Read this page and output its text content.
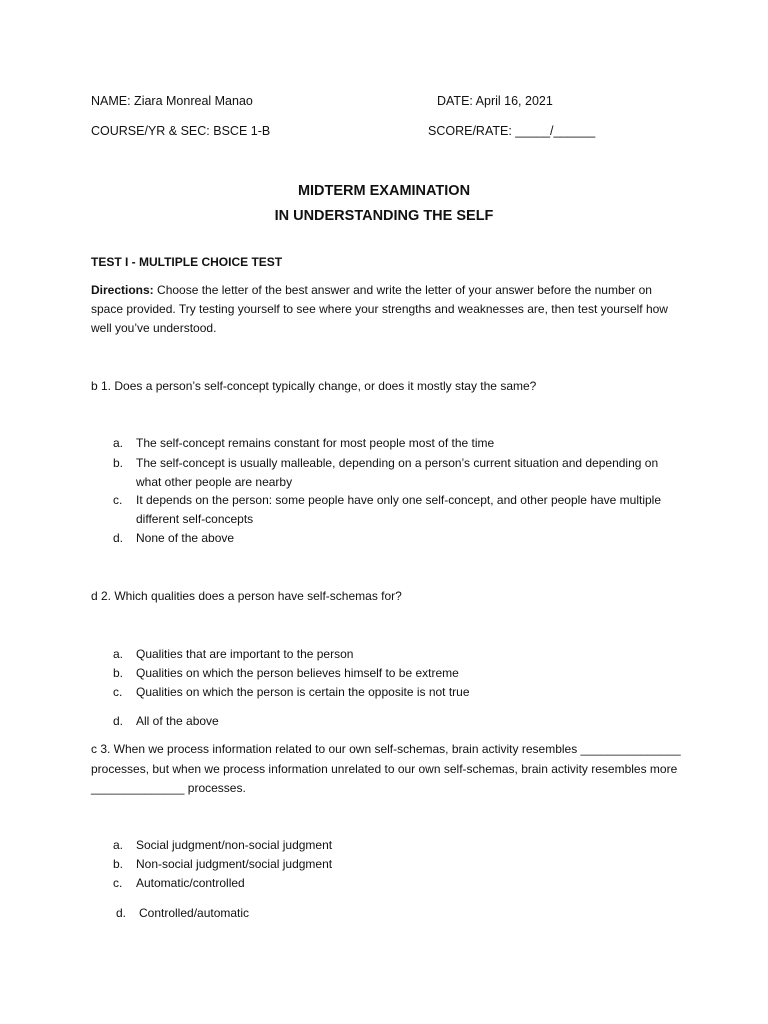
NAME: Ziara Monreal Manao	DATE: April 16, 2021
COURSE/YR & SEC: BSCE 1-B	SCORE/RATE: _____/______
MIDTERM EXAMINATION
IN UNDERSTANDING THE SELF
TEST I - MULTIPLE CHOICE TEST
Directions: Choose the letter of the best answer and write the letter of your answer before the number on space provided. Try testing yourself to see where your strengths and weaknesses are, then test yourself how well you’ve understood.
b 1. Does a person’s self-concept typically change, or does it mostly stay the same?
a. The self-concept remains constant for most people most of the time
b. The self-concept is usually malleable, depending on a person’s current situation and depending on what other people are nearby
c. It depends on the person: some people have only one self-concept, and other people have multiple different self-concepts
d. None of the above
d 2. Which qualities does a person have self-schemas for?
a. Qualities that are important to the person
b. Qualities on which the person believes himself to be extreme
c. Qualities on which the person is certain the opposite is not true
d. All of the above
c 3. When we process information related to our own self-schemas, brain activity resembles _______________ processes, but when we process information unrelated to our own self-schemas, brain activity resembles more ______________ processes.
a. Social judgment/non-social judgment
b. Non-social judgment/social judgment
c. Automatic/controlled
d. Controlled/automatic
